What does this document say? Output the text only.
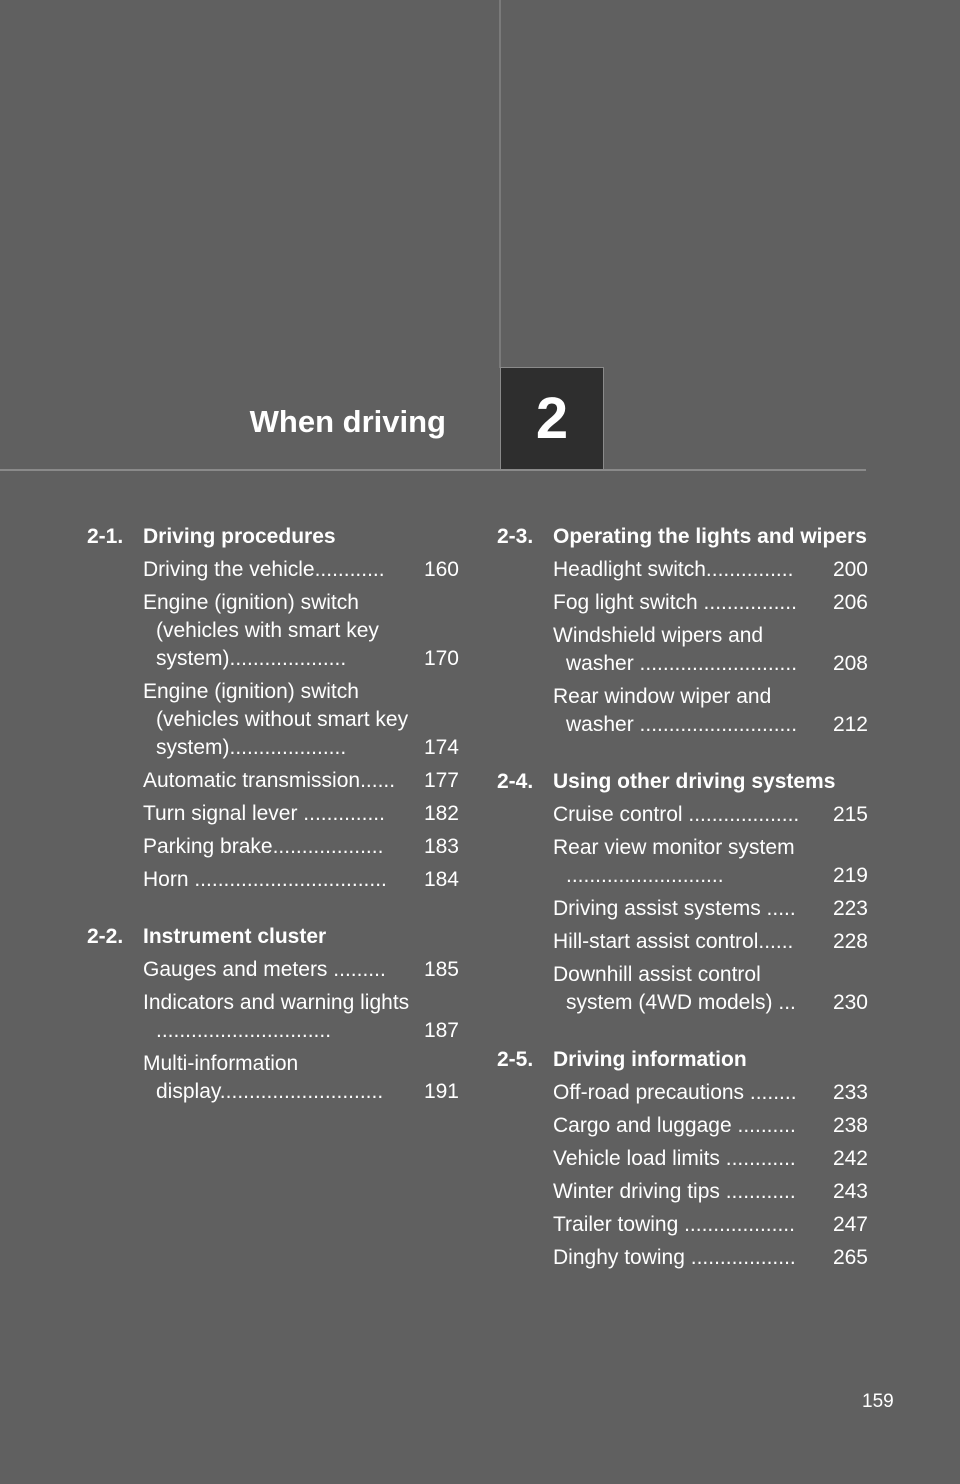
When driving 2
2-1. Driving procedures
Driving the vehicle............	160
Engine (ignition) switch (vehicles with smart key system)....................	170
Engine (ignition) switch (vehicles without smart key system)....................	174
Automatic transmission......	177
Turn signal lever ..............	182
Parking brake...................	183
Horn .................................	184
2-2. Instrument cluster
Gauges and meters .........	185
Indicators and warning lights ..............................	187
Multi-information display............................	191
2-3. Operating the lights and wipers
Headlight switch...............	200
Fog light switch ................	206
Windshield wipers and washer ...........................	208
Rear window wiper and washer ...........................	212
2-4. Using other driving systems
Cruise control ...................	215
Rear view monitor system ...........................	219
Driving assist systems .....	223
Hill-start assist control......	228
Downhill assist control system (4WD models) ...	230
2-5. Driving information
Off-road precautions ........	233
Cargo and luggage ..........	238
Vehicle load limits ............	242
Winter driving tips ............	243
Trailer towing ...................	247
Dinghy towing ..................	265
159
